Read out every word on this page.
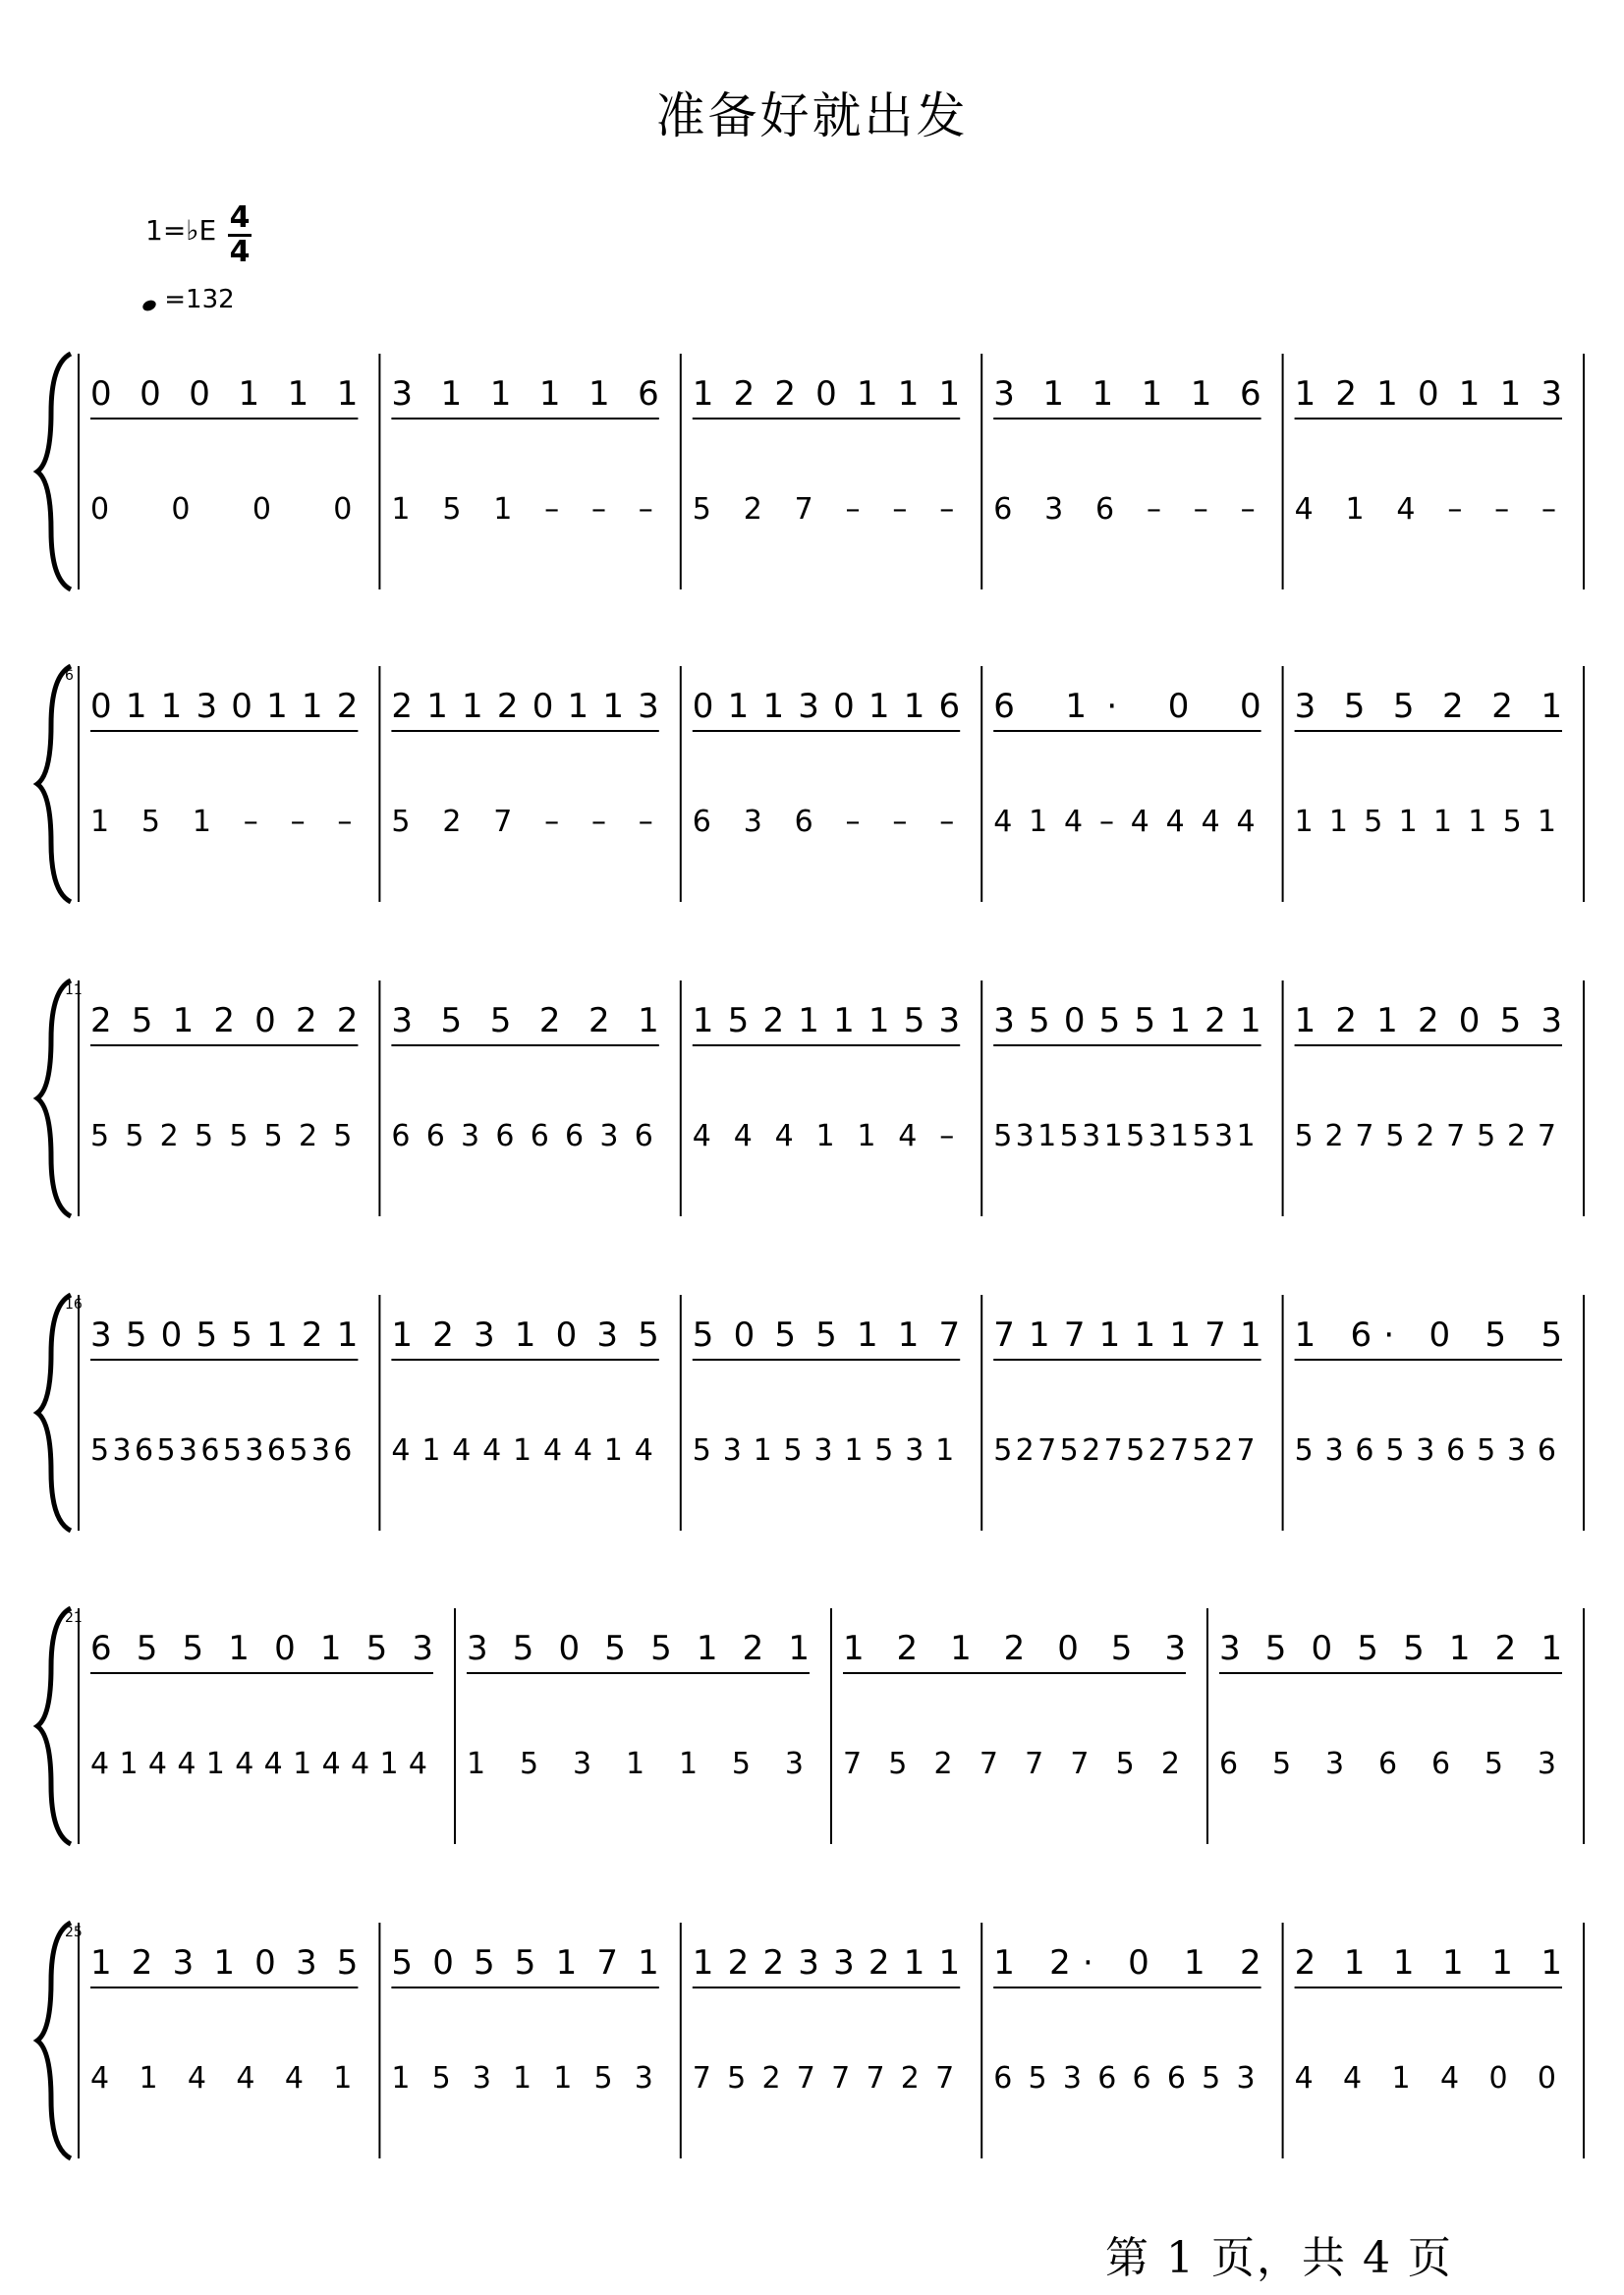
准备好就出发
1=♭E 4
4
=132
0 0 0 1 1 1
0 0 0 0
3 1 1 1 1 6
1 5 1 – – –
1 2 2 0 1 1 1
5 2 7 – – –
3 1 1 1 1 6
6 3 6 – – –
1 2 1 0 1 1 3
4 1 4 – – –
6
0 1 1 3 0 1 1 2
1 5 1 – – –
2 1 1 2 0 1 1 3
5 2 7 – – –
0 1 1 3 0 1 1 6
6 3 6 – – –
6 1· 0 0
4 1 4 – 4 4 4 4
3 5 5 2 2 1
1 1 5 1 1 1 5 1
11
2 5 1 2 0 2 2
5 5 2 5 5 5 2 5
3 5 5 2 2 1
6 6 3 6 6 6 3 6
1 5 2 1 1 1 5 3
4 4 4 1 1 4 –
3 5 0 5 5 1 2 1
5 3 1 5 3 1 5 3 1 5 3 1
1 2 1 2 0 5 3
5 2 7 5 2 7 5 2 7
16
3 5 0 5 5 1 2 1
5 3 6 5 3 6 5 3 6 5 3 6
1 2 3 1 0 3 5
4 1 4 4 1 4 4 1 4
5 0 5 5 1 1 7
5 3 1 5 3 1 5 3 1
7 1 7 1 1 1 7 1
5 2 7 5 2 7 5 2 7 5 2 7
1 6· 0 5 5
5 3 6 5 3 6 5 3 6
21
6 5 5 1 0 1 5 3
4 1 4 4 1 4 4 1 4 4 1 4
3 5 0 5 5 1 2 1
1 5 3 1 1 5 3
1 2 1 2 0 5 3
7 5 2 7 7 7 5 2
3 5 0 5 5 1 2 1
6 5 3 6 6 5 3
25
1 2 3 1 0 3 5
4 1 4 4 4 1
5 0 5 5 1 7 1
1 5 3 1 1 5 3
1 2 2 3 3 2 1 1
7 5 2 7 7 7 2 7
1 2· 0 1 2
6 5 3 6 6 6 5 3
2 1 1 1 1 1
4 4 1 4 0 0
第 1 页，共 4 页
